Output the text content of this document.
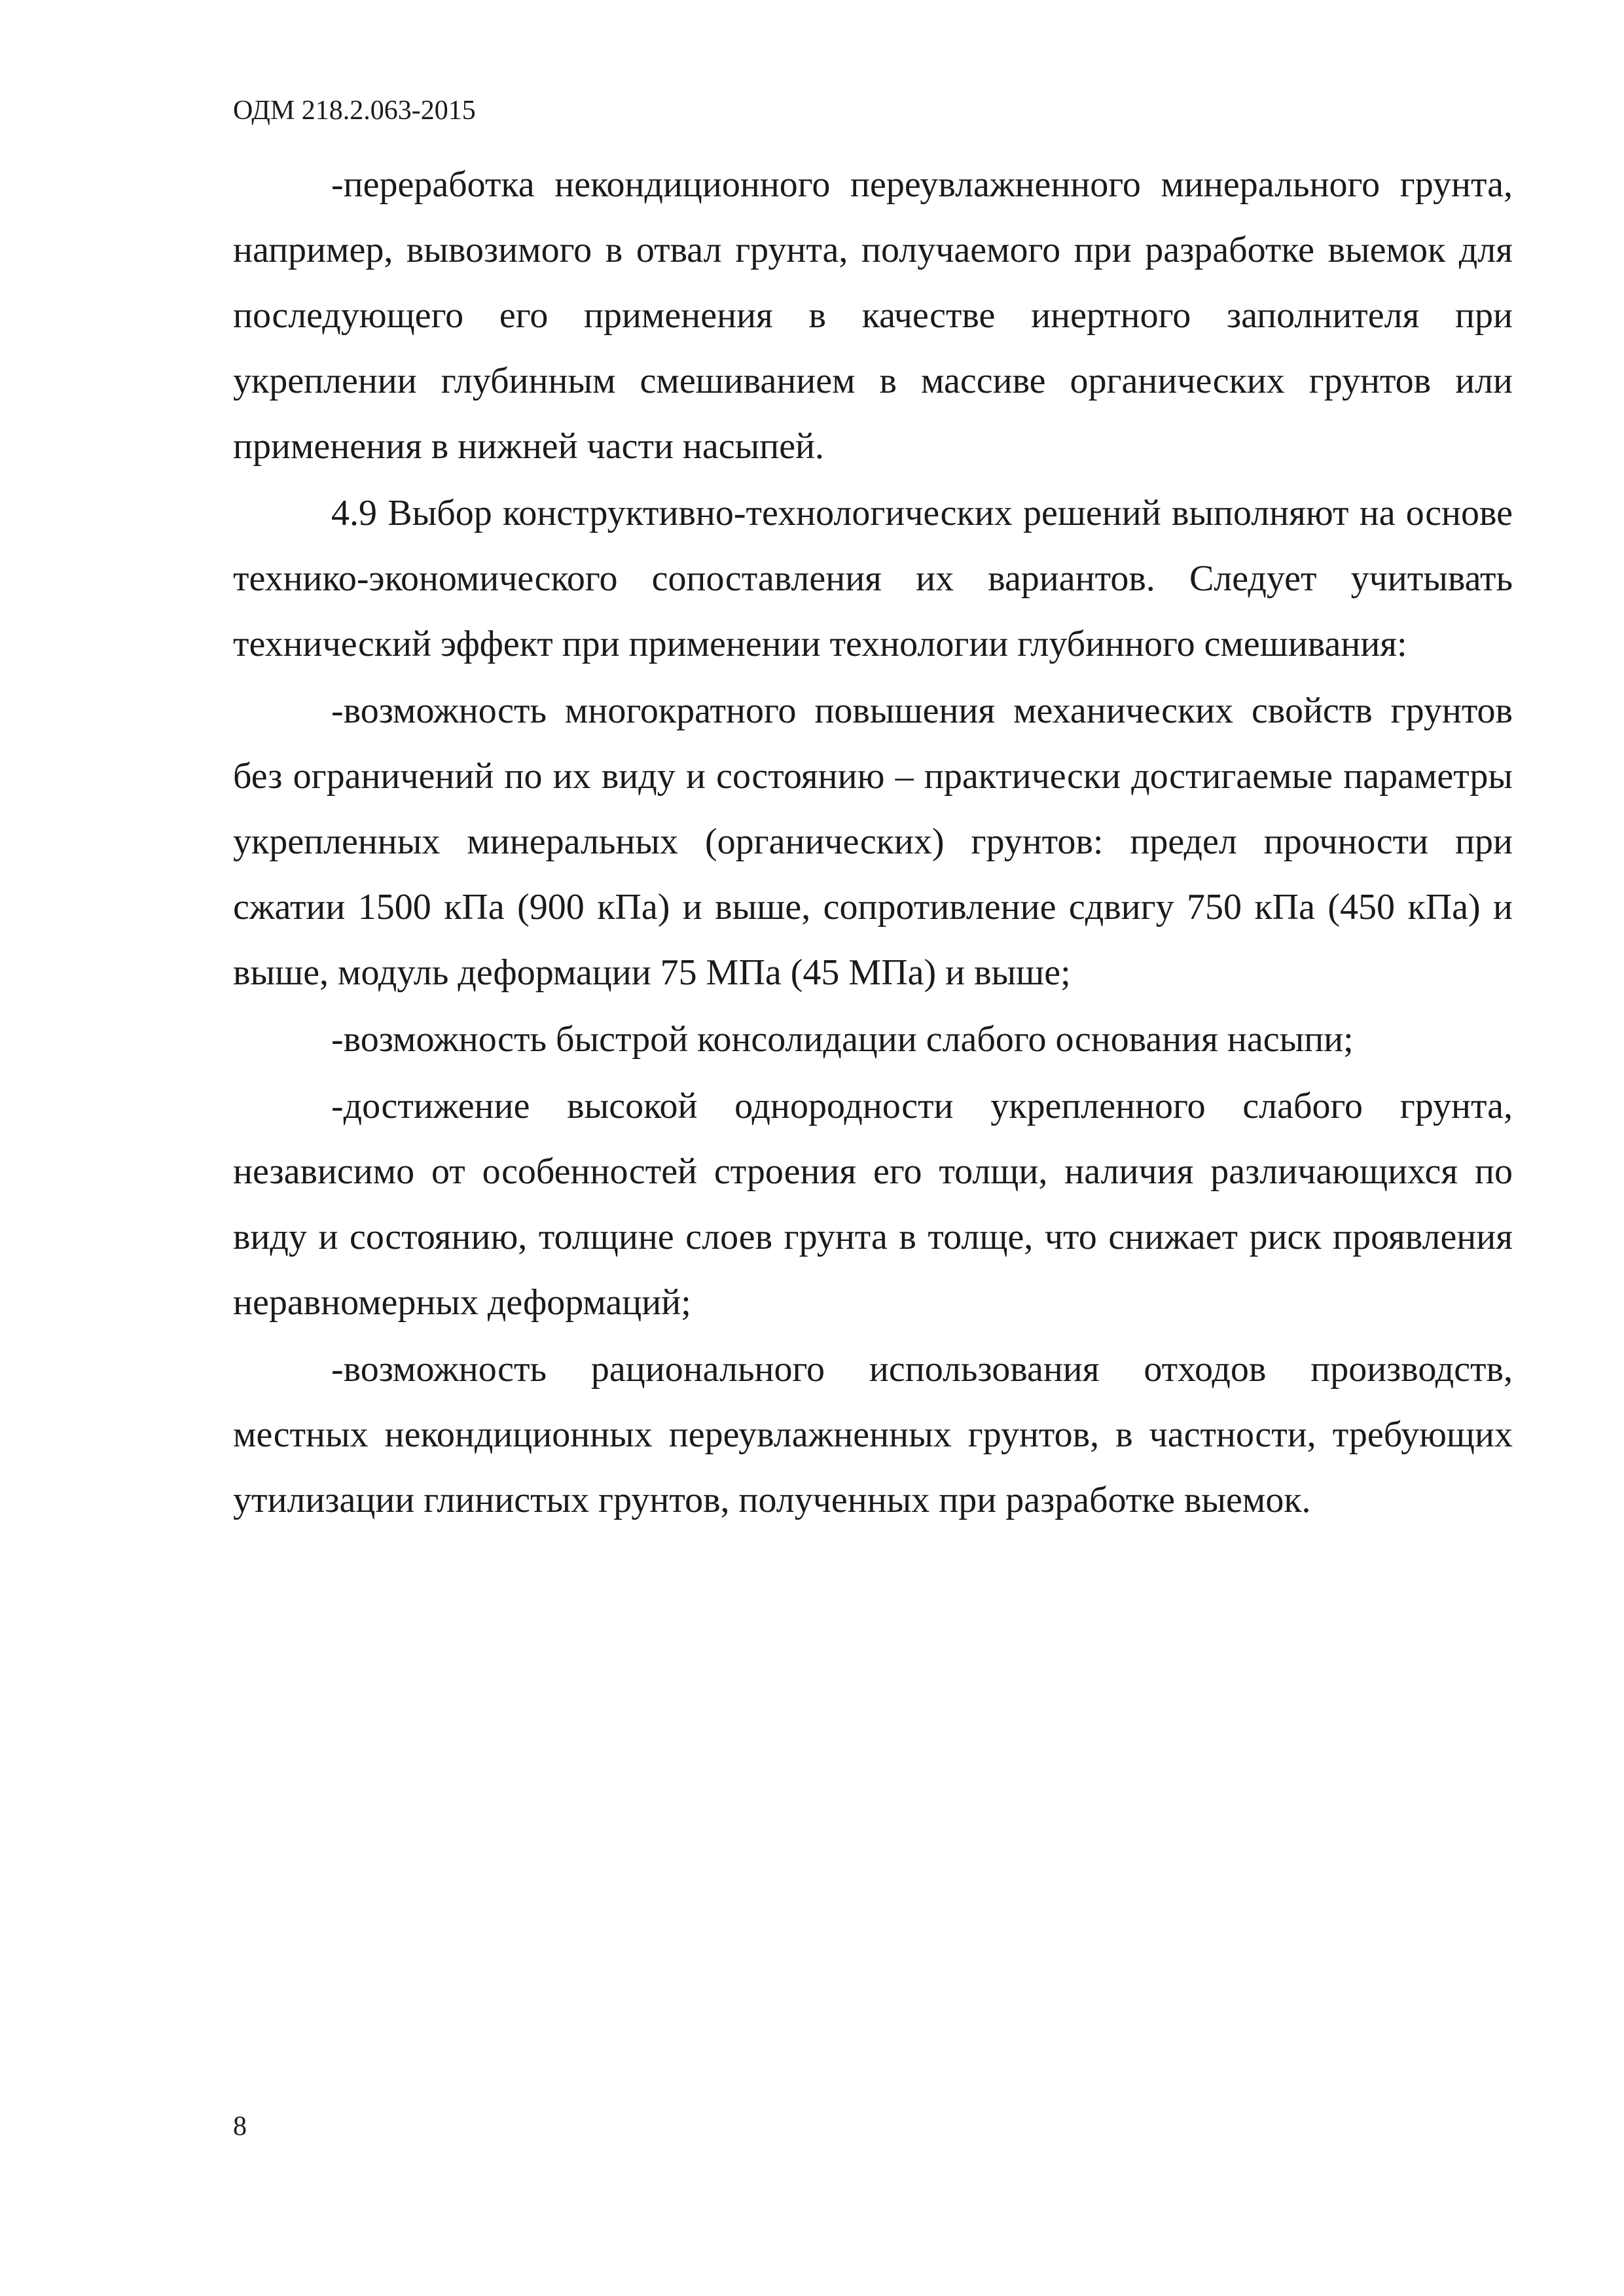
ОДМ 218.2.063-2015

-переработка некондиционного переувлажненного минерального грунта, например, вывозимого в отвал грунта, получаемого при разработке выемок для последующего его применения в качестве инертного заполнителя при укреплении глубинным смешиванием в массиве органических грунтов или применения в нижней части насыпей.

4.9 Выбор конструктивно-технологических решений выполняют на основе технико-экономического сопоставления их вариантов. Следует учитывать технический эффект при применении технологии глубинного смешивания:

-возможность многократного повышения механических свойств грунтов без ограничений по их виду и состоянию – практически достигаемые параметры укрепленных минеральных (органических) грунтов: предел прочности при сжатии 1500 кПа (900 кПа) и выше, сопротивление сдвигу 750 кПа (450 кПа) и выше, модуль деформации 75 МПа (45 МПа) и выше;

-возможность быстрой консолидации слабого основания насыпи;

-достижение высокой однородности укрепленного слабого грунта, независимо от особенностей строения его толщи, наличия различающихся по виду и состоянию, толщине слоев грунта в толще, что снижает риск проявления неравномерных деформаций;

-возможность рационального использования отходов производств, местных некондиционных переувлажненных грунтов, в частности, требующих утилизации глинистых грунтов, полученных при разработке выемок.

8
